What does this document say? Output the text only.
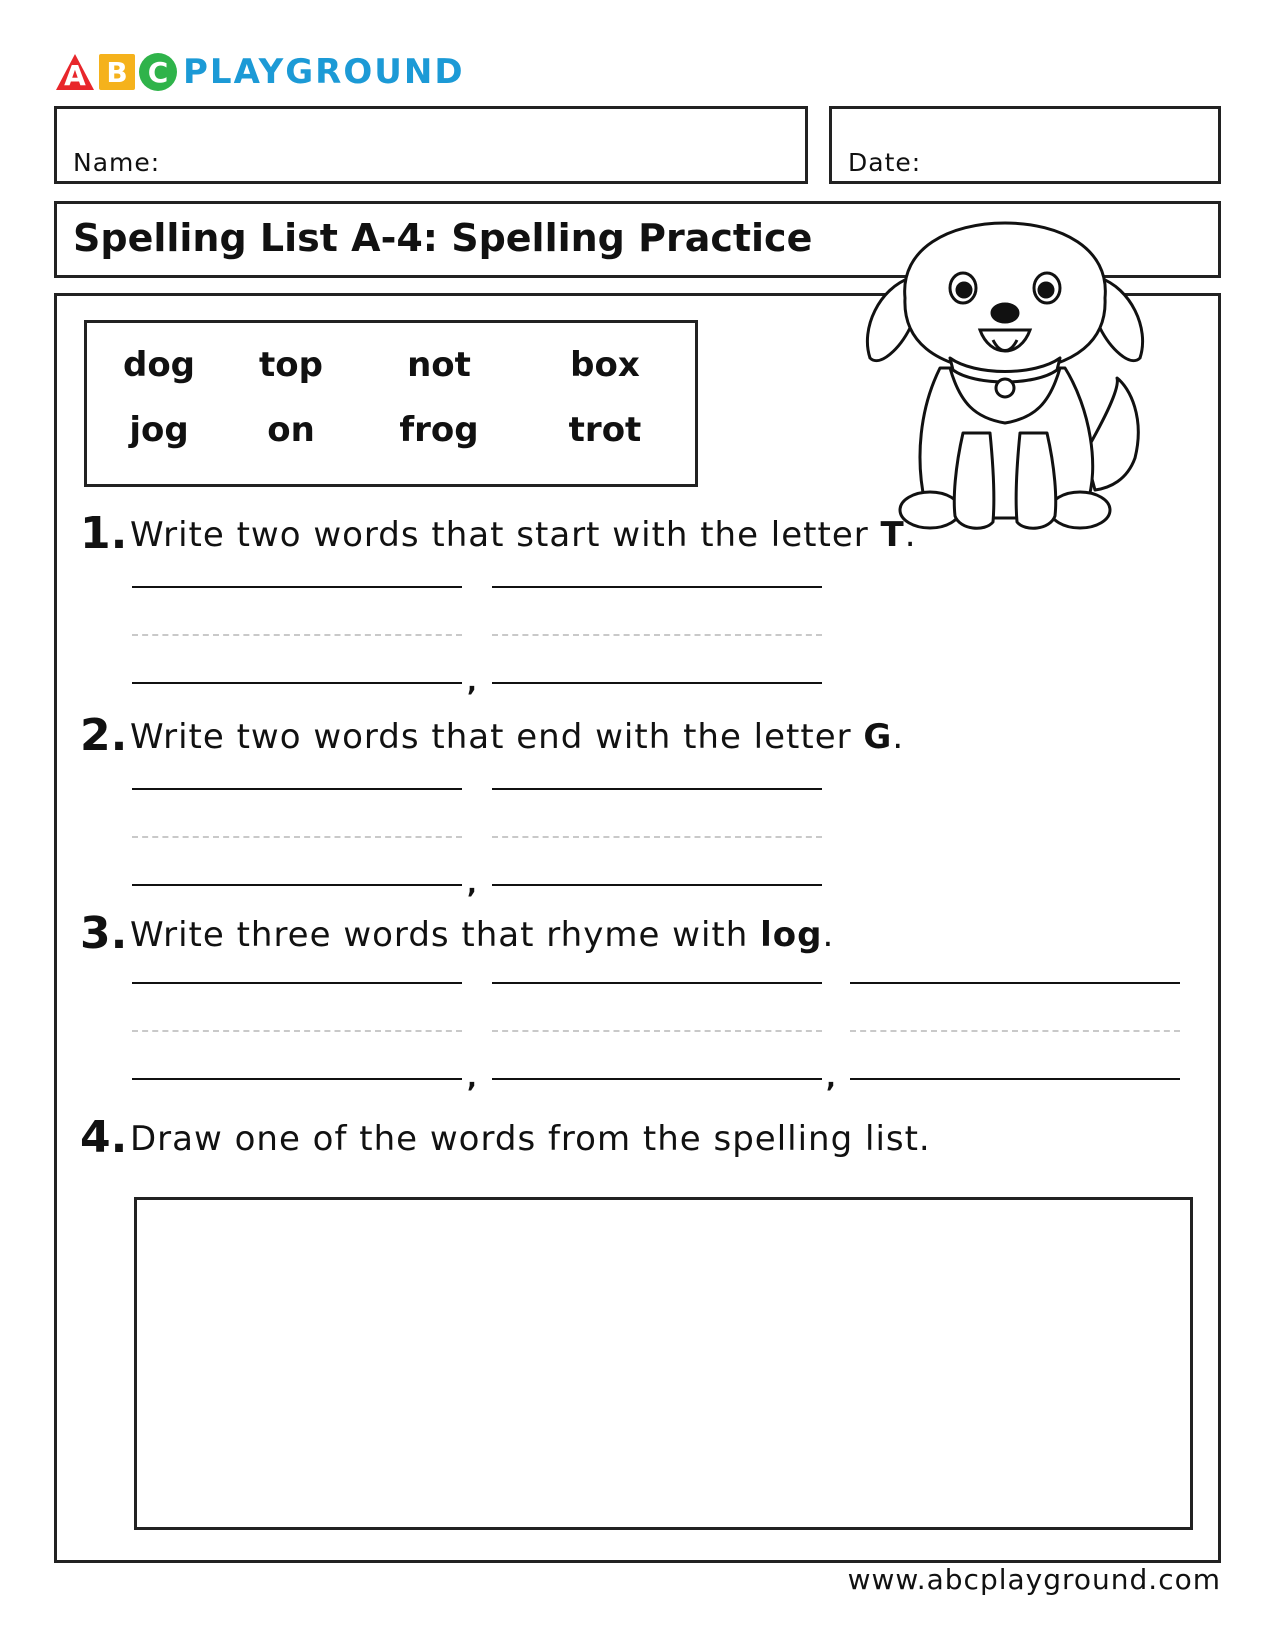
A B C PLAYGROUND
Name:	Date:
Spelling List A-4: Spelling Practice
dog top not	box
jog on frog	trot
1. Write two words that start with the letter T.
,
2. Write two words that end with the letter G.
,
3. Write three words that rhyme with log.
,	,
4. Draw one of the words from the spelling list.
www.abcplayground.com
